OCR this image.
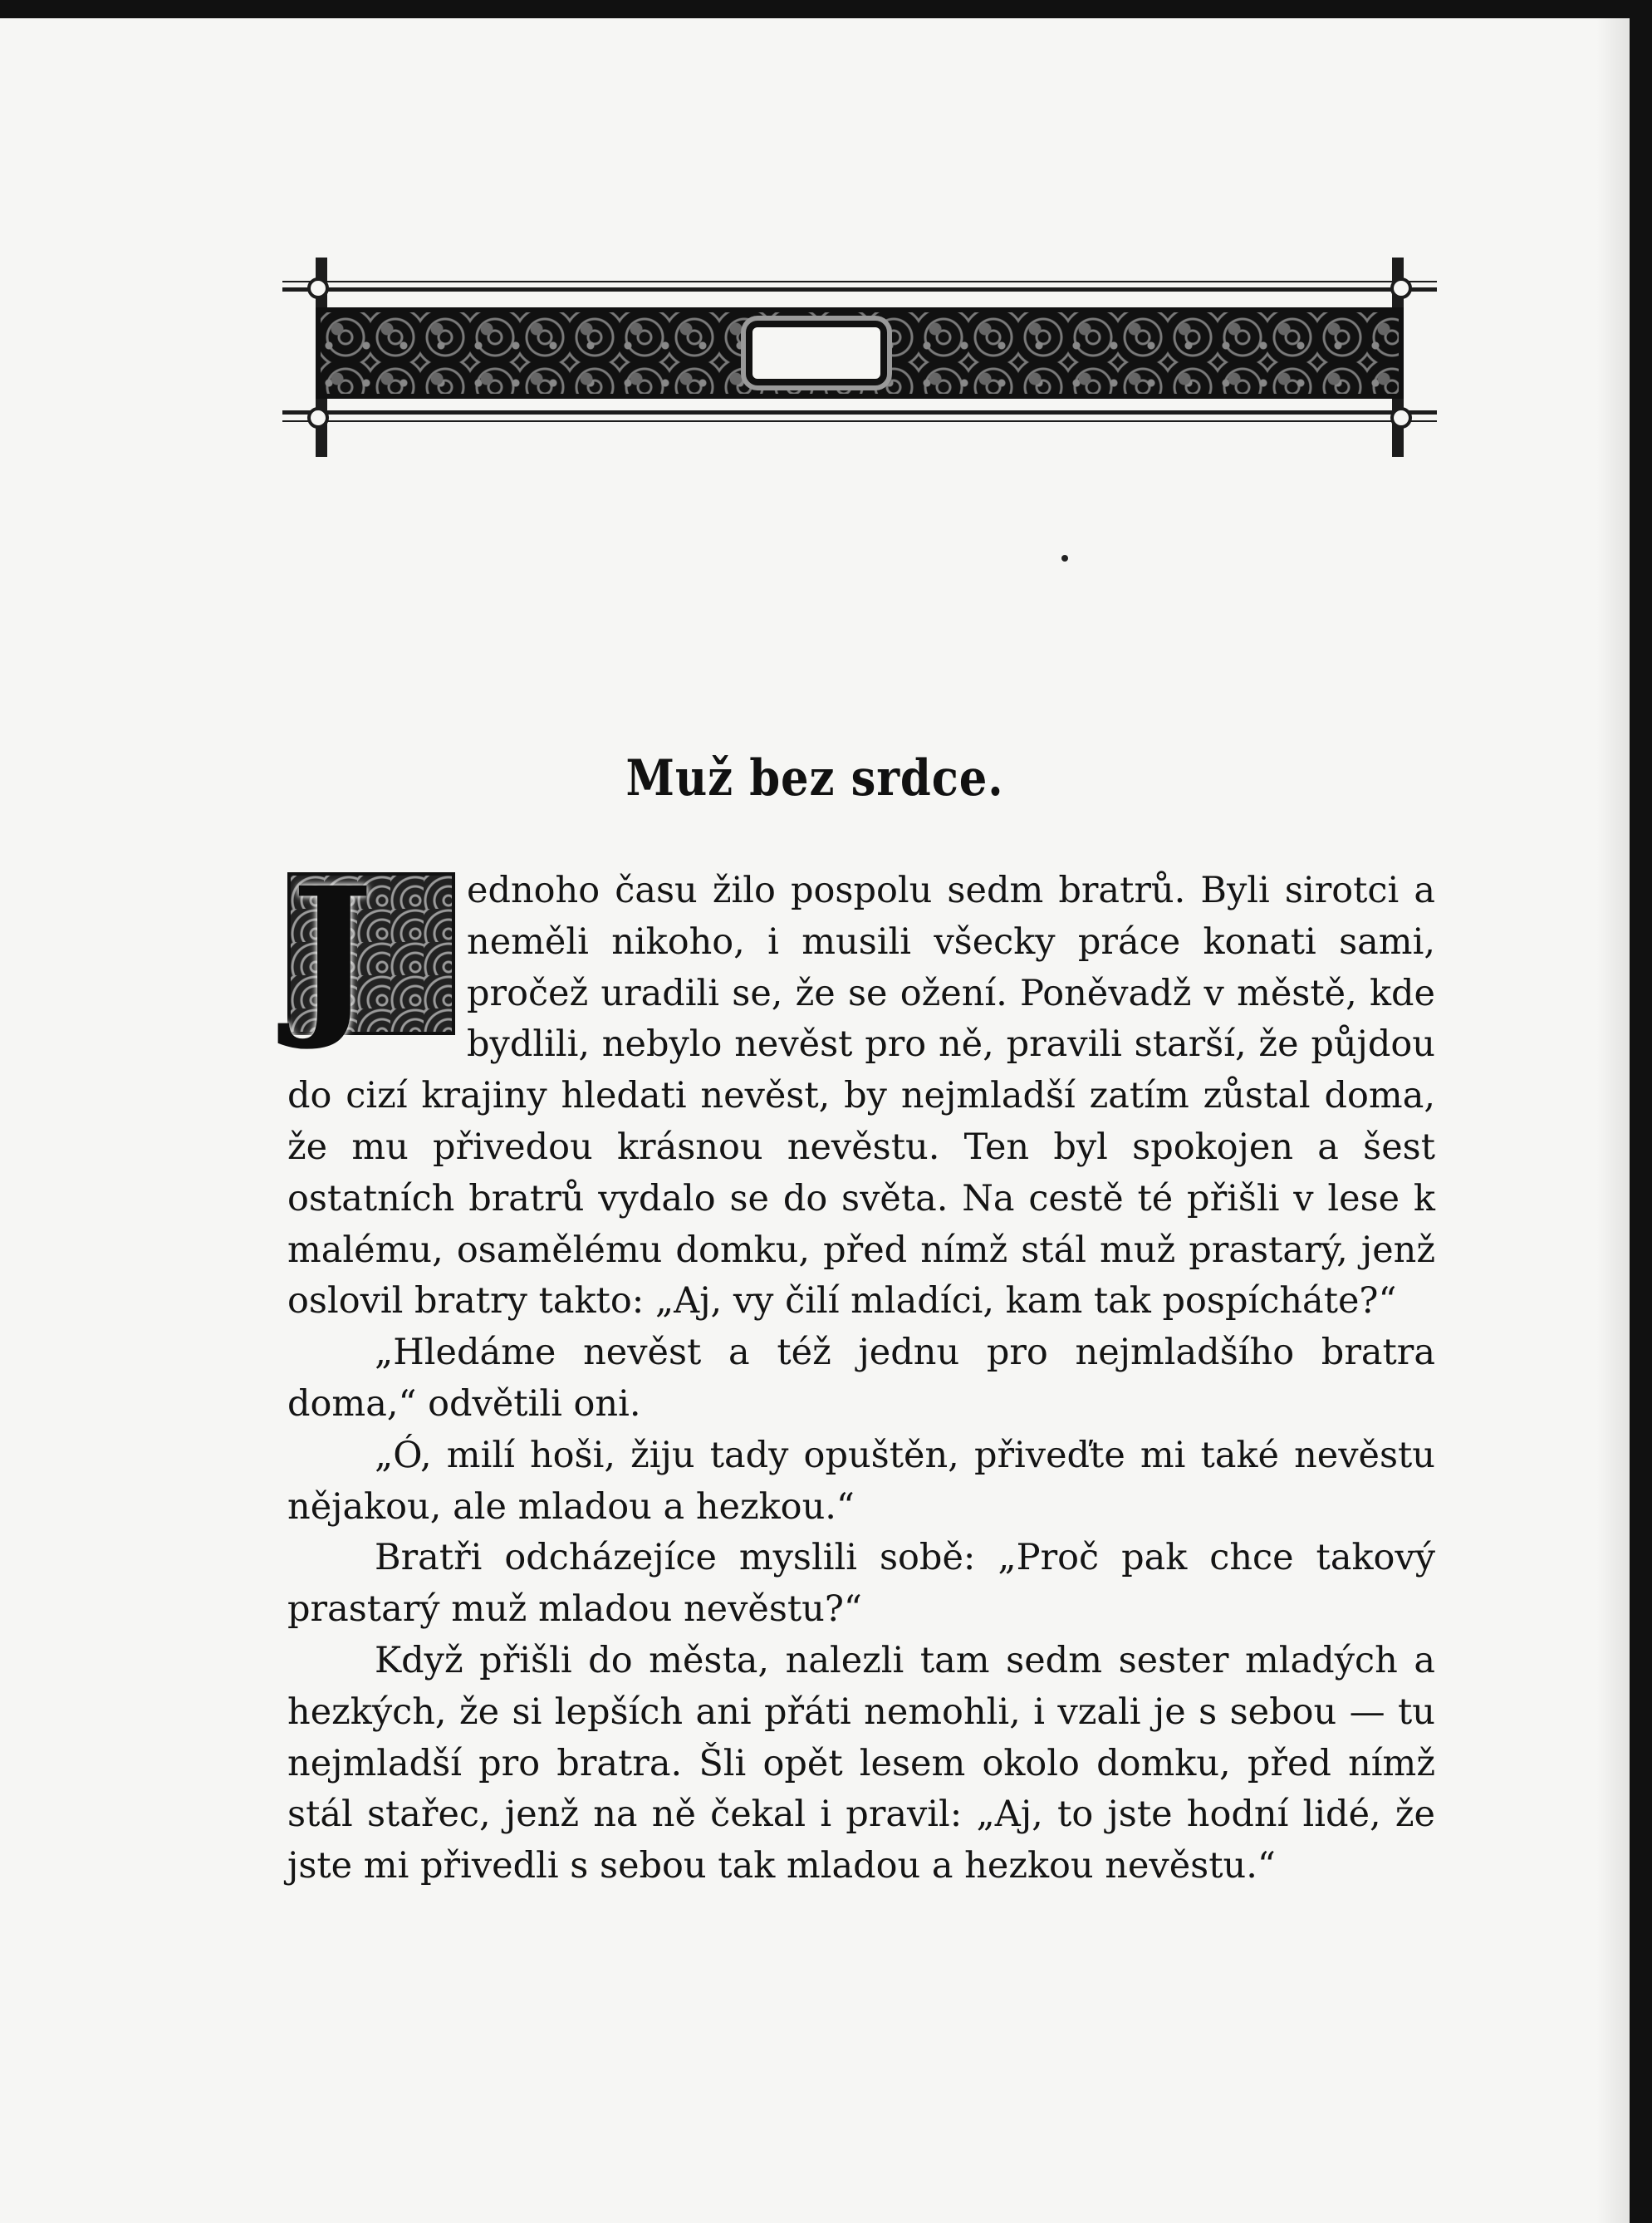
Muž bez srdce.

J	ednoho času žilo pospolu sedm bratrů. Byli sirotci a neměli nikoho, i musili všecky práce konati sami, pročež uradili se, že se ožení. Poněvadž v městě, kde bydlili, nebylo nevěst pro ně, pravili starší, že půjdou do cizí krajiny hledati nevěst, by nejmladší zatím zůstal doma, že mu přivedou krásnou nevěstu. Ten byl spokojen a šest ostatních bratrů vydalo se do světa. Na cestě té přišli v lese k malému, osamělému domku, před nímž stál muž prastarý, jenž oslovil bratry takto: „Aj, vy čilí mladíci, kam tak pospícháte?“

„Hledáme nevěst a též jednu pro nejmladšího bratra doma,“ odvětili oni.

„Ó, milí hoši, žiju tady opuštěn, přiveďte mi také nevěstu nějakou, ale mladou a hezkou.“

Bratři odcházejíce myslili sobě: „Proč pak chce takový prastarý muž mladou nevěstu?“

Když přišli do města, nalezli tam sedm sester mladých a hezkých, že si lepších ani přáti nemohli, i vzali je s sebou — tu nejmladší pro bratra. Šli opět lesem okolo domku, před nímž stál stařec, jenž na ně čekal i pravil: „Aj, to jste hodní lidé, že jste mi přivedli s sebou tak mladou a hezkou nevěstu.“
